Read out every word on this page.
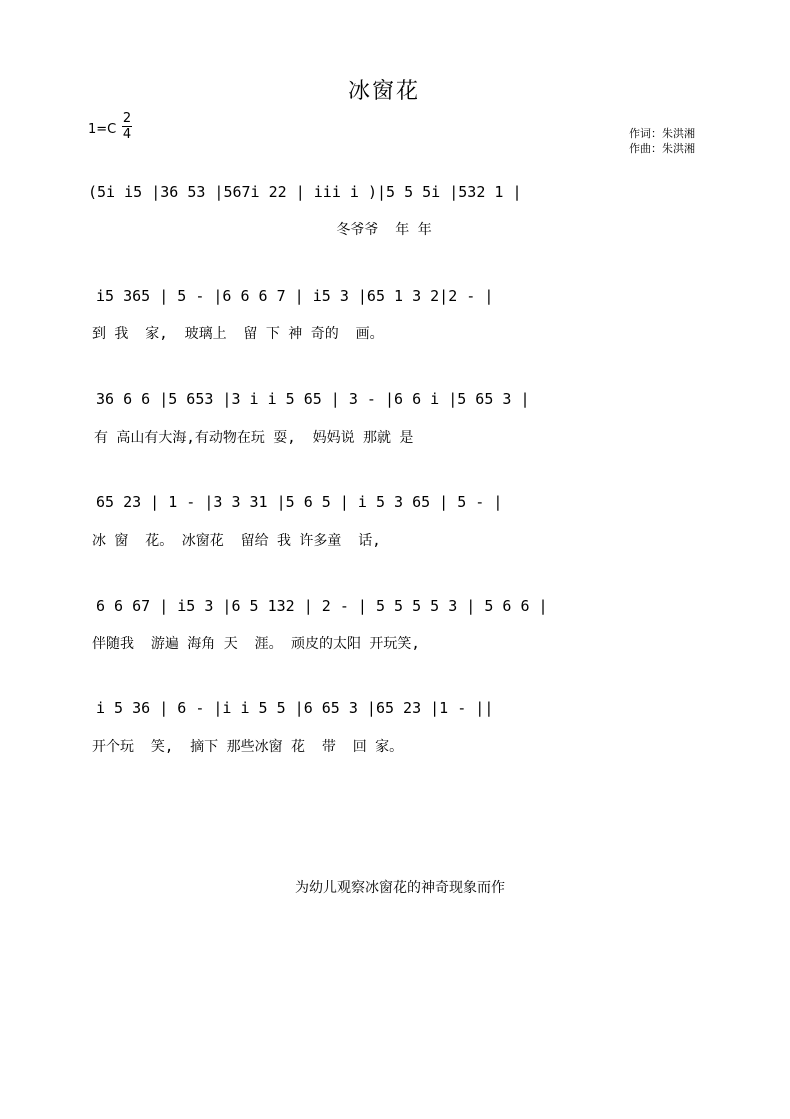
冰窗花
1=C
2
4	作词：朱洪湘
作曲：朱洪湘
(5i i5 |36 53 |567i 22 | iii i )|5 5 5i |532 1 |
冬爷爷  年 年
i5 365 | 5 - |6 6 6 7 | i5 3 |65 1 3 2|2 - |
到 我  家,  玻璃上  留 下 神 奇的  画。
36 6 6 |5 653 |3 i i 5 65 | 3 - |6 6 i |5 65 3 |
有 高山有大海,有动物在玩 耍,  妈妈说 那就 是
65 23 | 1 - |3 3 31 |5 6 5 | i 5 3 65 | 5 - |
冰 窗  花。 冰窗花  留给 我 许多童  话,
6 6 67 | i5 3 |6 5 132 | 2 - | 5 5 5 5 3 | 5 6 6 |
伴随我  游遍 海角 天  涯。 顽皮的太阳 开玩笑,
i 5 36 | 6 - |i i 5 5 |6 65 3 |65 23 |1 - ||
开个玩  笑,  摘下 那些冰窗 花  带  回 家。
为幼儿观察冰窗花的神奇现象而作
